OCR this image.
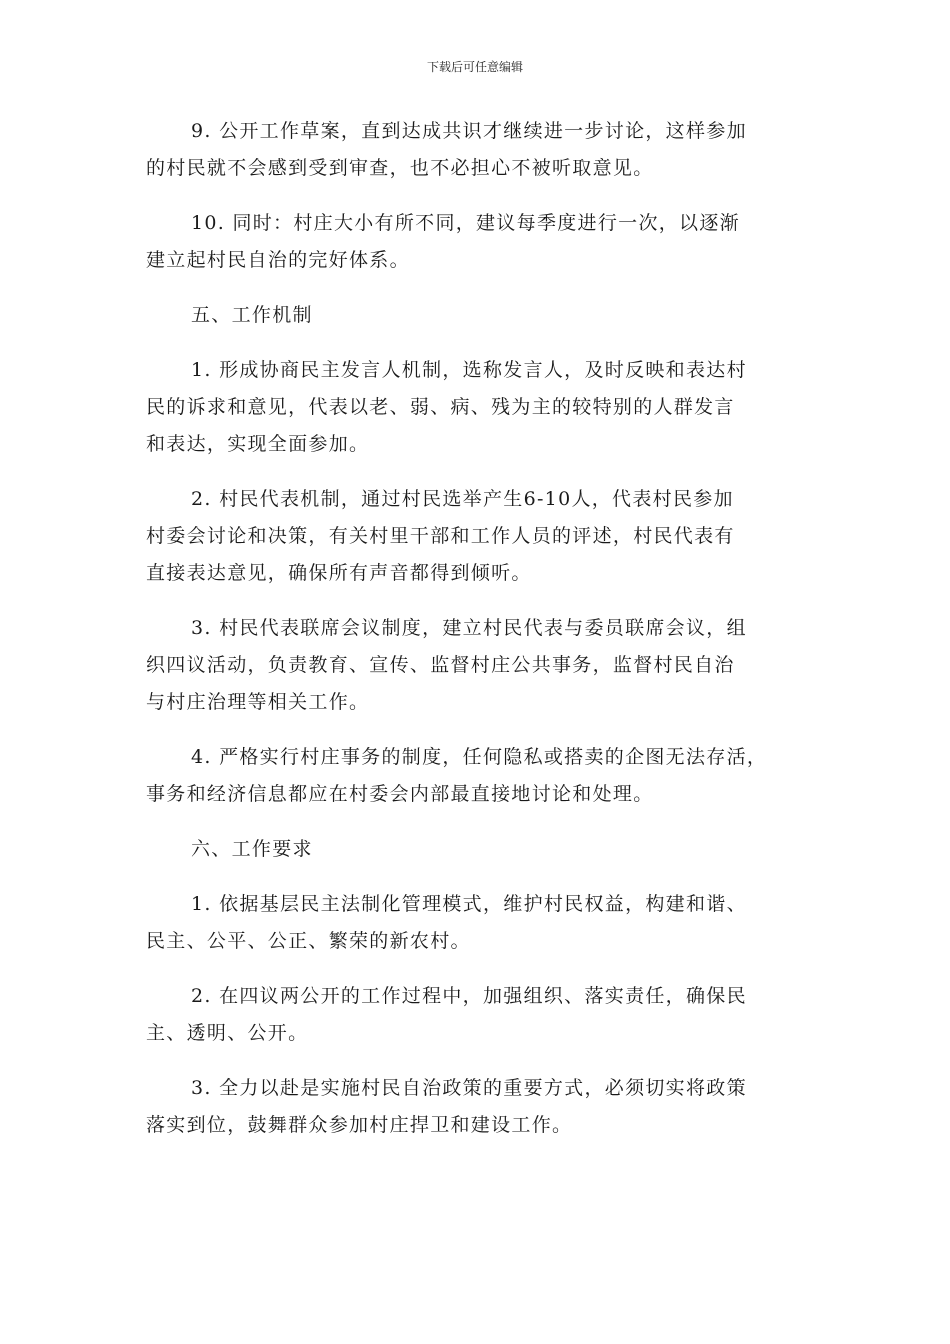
下载后可任意编辑

9. 公开工作草案，直到达成共识才继续进一步讨论，这样参加
的村民就不会感到受到审查，也不必担心不被听取意见。

10. 同时：村庄大小有所不同，建议每季度进行一次，以逐渐
建立起村民自治的完好体系。

五、工作机制

1. 形成协商民主发言人机制，选称发言人，及时反映和表达村
民的诉求和意见，代表以老、弱、病、残为主的较特别的人群发言
和表达，实现全面参加。

2. 村民代表机制，通过村民选举产生6-10人，代表村民参加
村委会讨论和决策，有关村里干部和工作人员的评述，村民代表有
直接表达意见，确保所有声音都得到倾听。

3. 村民代表联席会议制度，建立村民代表与委员联席会议，组
织四议活动，负责教育、宣传、监督村庄公共事务，监督村民自治
与村庄治理等相关工作。

4. 严格实行村庄事务的制度，任何隐私或搭卖的企图无法存活，
事务和经济信息都应在村委会内部最直接地讨论和处理。

六、工作要求

1. 依据基层民主法制化管理模式，维护村民权益，构建和谐、
民主、公平、公正、繁荣的新农村。

2. 在四议两公开的工作过程中，加强组织、落实责任，确保民
主、透明、公开。

3. 全力以赴是实施村民自治政策的重要方式，必须切实将政策
落实到位，鼓舞群众参加村庄捍卫和建设工作。
